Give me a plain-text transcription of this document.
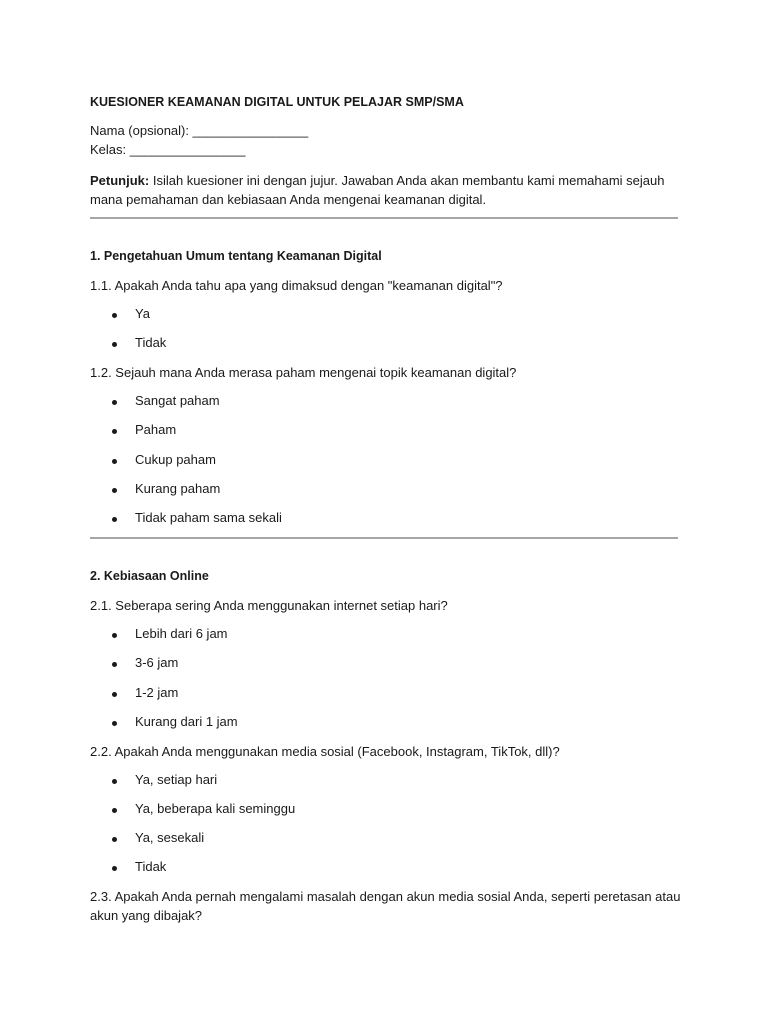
KUESIONER KEAMANAN DIGITAL UNTUK PELAJAR SMP/SMA
Nama (opsional): ________________
Kelas: ________________
Petunjuk: Isilah kuesioner ini dengan jujur. Jawaban Anda akan membantu kami memahami sejauh mana pemahaman dan kebiasaan Anda mengenai keamanan digital.
1. Pengetahuan Umum tentang Keamanan Digital
1.1. Apakah Anda tahu apa yang dimaksud dengan "keamanan digital"?
Ya
Tidak
1.2. Sejauh mana Anda merasa paham mengenai topik keamanan digital?
Sangat paham
Paham
Cukup paham
Kurang paham
Tidak paham sama sekali
2. Kebiasaan Online
2.1. Seberapa sering Anda menggunakan internet setiap hari?
Lebih dari 6 jam
3-6 jam
1-2 jam
Kurang dari 1 jam
2.2. Apakah Anda menggunakan media sosial (Facebook, Instagram, TikTok, dll)?
Ya, setiap hari
Ya, beberapa kali seminggu
Ya, sesekali
Tidak
2.3. Apakah Anda pernah mengalami masalah dengan akun media sosial Anda, seperti peretasan atau akun yang dibajak?
